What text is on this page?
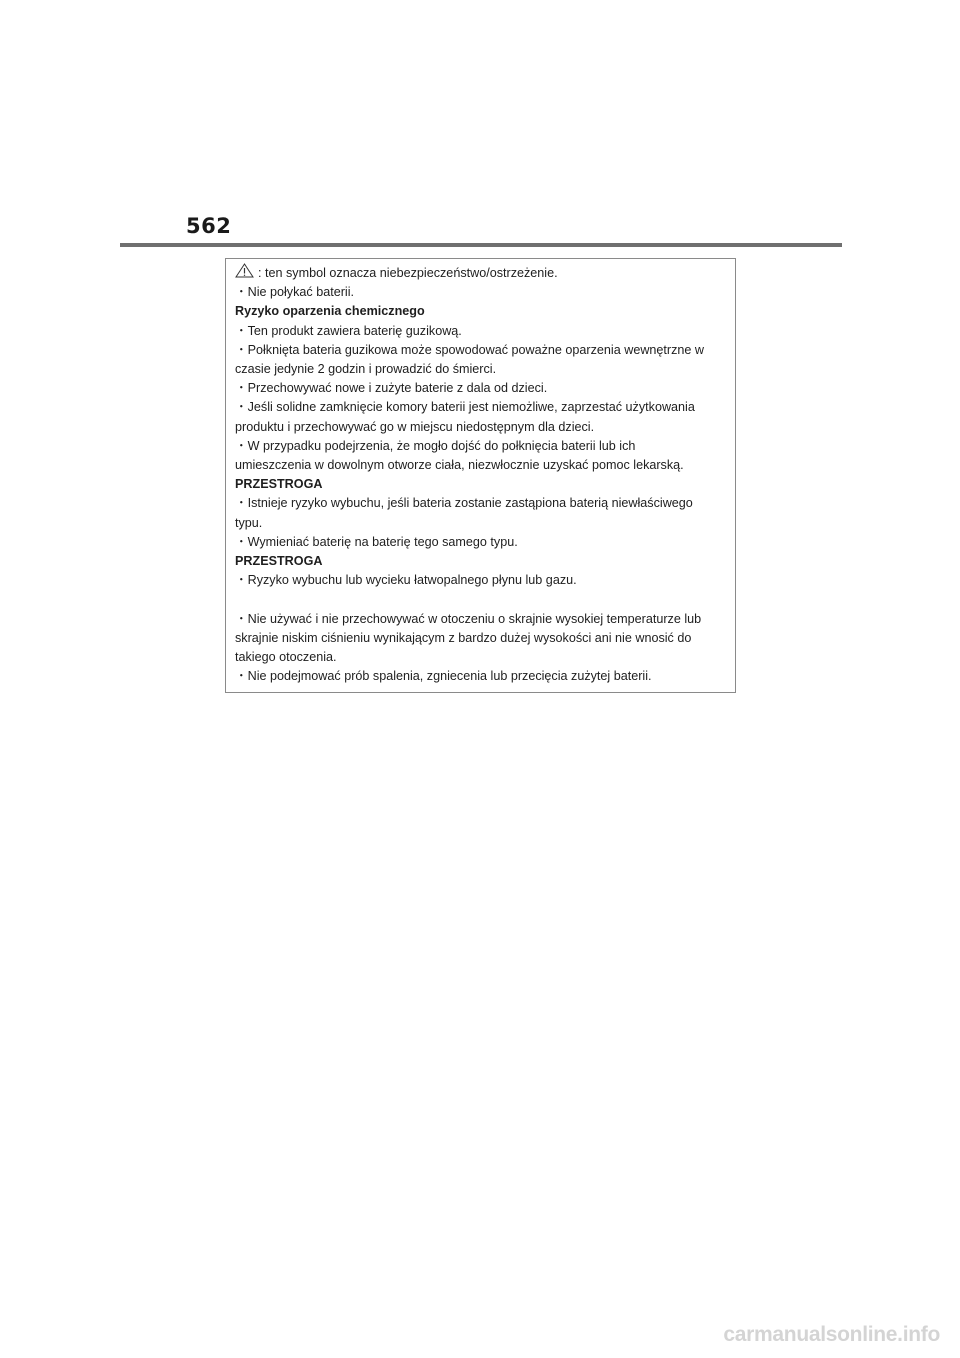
562
: ten symbol oznacza niebezpieczeństwo/ostrzeżenie.
・Nie połykać baterii.
Ryzyko oparzenia chemicznego
・Ten produkt zawiera baterię guzikową.
・Połknięta bateria guzikowa może spowodować poważne oparzenia wewnętrzne w
czasie jedynie 2 godzin i prowadzić do śmierci.
・Przechowywać nowe i zużyte baterie z dala od dzieci.
・Jeśli solidne zamknięcie komory baterii jest niemożliwe, zaprzestać użytkowania
produktu i przechowywać go w miejscu niedostępnym dla dzieci.
・W przypadku podejrzenia, że mogło dojść do połknięcia baterii lub ich
umieszczenia w dowolnym otworze ciała, niezwłocznie uzyskać pomoc lekarską.
PRZESTROGA
・Istnieje ryzyko wybuchu, jeśli bateria zostanie zastąpiona baterią niewłaściwego
typu.
・Wymieniać baterię na baterię tego samego typu.
PRZESTROGA
・Ryzyko wybuchu lub wycieku łatwopalnego płynu lub gazu.
・Nie używać i nie przechowywać w otoczeniu o skrajnie wysokiej temperaturze lub
skrajnie niskim ciśnieniu wynikającym z bardzo dużej wysokości ani nie wnosić do
takiego otoczenia.
・Nie podejmować prób spalenia, zgniecenia lub przecięcia zużytej baterii.
carmanualsonline.info
